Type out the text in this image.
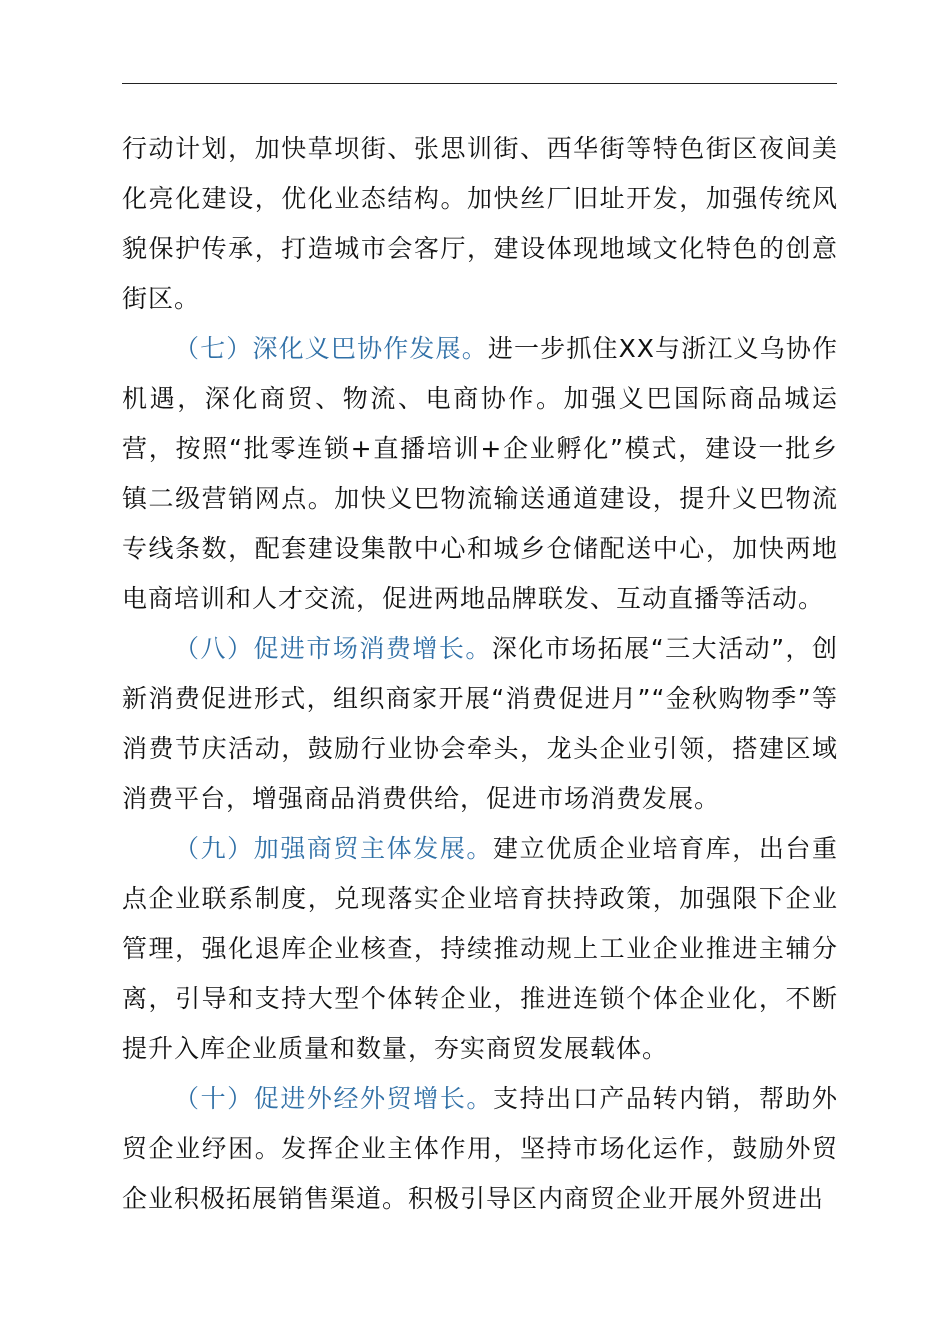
行动计划，加快草坝街、张思训街、西华街等特色街区夜间美化亮化建设，优化业态结构。加快丝厂旧址开发，加强传统风貌保护传承，打造城市会客厅，建设体现地域文化特色的创意街区。

（七）深化义巴协作发展。进一步抓住XX与浙江义乌协作机遇，深化商贸、物流、电商协作。加强义巴国际商品城运营，按照“批零连锁+直播培训+企业孵化”模式，建设一批乡镇二级营销网点。加快义巴物流输送通道建设，提升义巴物流专线条数，配套建设集散中心和城乡仓储配送中心，加快两地电商培训和人才交流，促进两地品牌联发、互动直播等活动。

（八）促进市场消费增长。深化市场拓展“三大活动”，创新消费促进形式，组织商家开展“消费促进月”“金秋购物季”等消费节庆活动，鼓励行业协会牵头，龙头企业引领，搭建区域消费平台，增强商品消费供给，促进市场消费发展。

（九）加强商贸主体发展。建立优质企业培育库，出台重点企业联系制度，兑现落实企业培育扶持政策，加强限下企业管理，强化退库企业核查，持续推动规上工业企业推进主辅分离，引导和支持大型个体转企业，推进连锁个体企业化，不断提升入库企业质量和数量，夯实商贸发展载体。

（十）促进外经外贸增长。支持出口产品转内销，帮助外贸企业纾困。发挥企业主体作用，坚持市场化运作，鼓励外贸企业积极拓展销售渠道。积极引导区内商贸企业开展外贸进出
